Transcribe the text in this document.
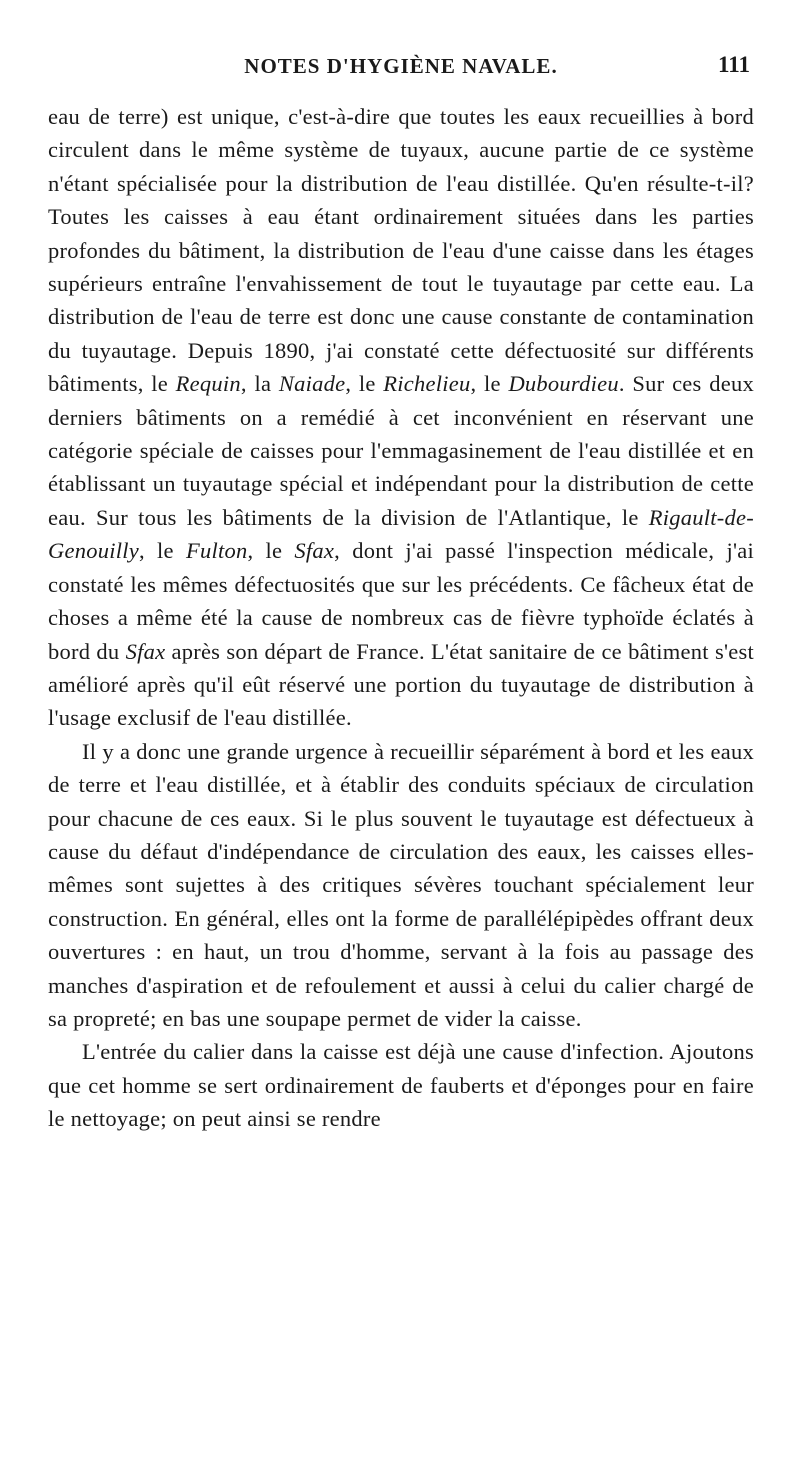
NOTES D'HYGIÈNE NAVALE.	111

eau de terre) est unique, c'est-à-dire que toutes les eaux recueillies à bord circulent dans le même système de tuyaux, aucune partie de ce système n'étant spécialisée pour la distribution de l'eau distillée. Qu'en résulte-t-il? Toutes les caisses à eau étant ordinairement situées dans les parties profondes du bâtiment, la distribution de l'eau d'une caisse dans les étages supérieurs entraîne l'envahissement de tout le tuyautage par cette eau. La distribution de l'eau de terre est donc une cause constante de contamination du tuyautage. Depuis 1890, j'ai constaté cette défectuosité sur différents bâtiments, le Requin, la Naiade, le Richelieu, le Dubourdieu. Sur ces deux derniers bâtiments on a remédié à cet inconvénient en réservant une catégorie spéciale de caisses pour l'emmagasinement de l'eau distillée et en établissant un tuyautage spécial et indépendant pour la distribution de cette eau. Sur tous les bâtiments de la division de l'Atlantique, le Rigault-de-Genouilly, le Fulton, le Sfax, dont j'ai passé l'inspection médicale, j'ai constaté les mêmes défectuosités que sur les précédents. Ce fâcheux état de choses a même été la cause de nombreux cas de fièvre typhoïde éclatés à bord du Sfax après son départ de France. L'état sanitaire de ce bâtiment s'est amélioré après qu'il eût réservé une portion du tuyautage de distribution à l'usage exclusif de l'eau distillée.

Il y a donc une grande urgence à recueillir séparément à bord et les eaux de terre et l'eau distillée, et à établir des conduits spéciaux de circulation pour chacune de ces eaux. Si le plus souvent le tuyautage est défectueux à cause du défaut d'indépendance de circulation des eaux, les caisses elles-mêmes sont sujettes à des critiques sévères touchant spécialement leur construction. En général, elles ont la forme de parallélépipèdes offrant deux ouvertures : en haut, un trou d'homme, servant à la fois au passage des manches d'aspiration et de refoulement et aussi à celui du calier chargé de sa propreté; en bas une soupape permet de vider la caisse.

L'entrée du calier dans la caisse est déjà une cause d'infection. Ajoutons que cet homme se sert ordinairement de fauberts et d'éponges pour en faire le nettoyage; on peut ainsi se rendre
